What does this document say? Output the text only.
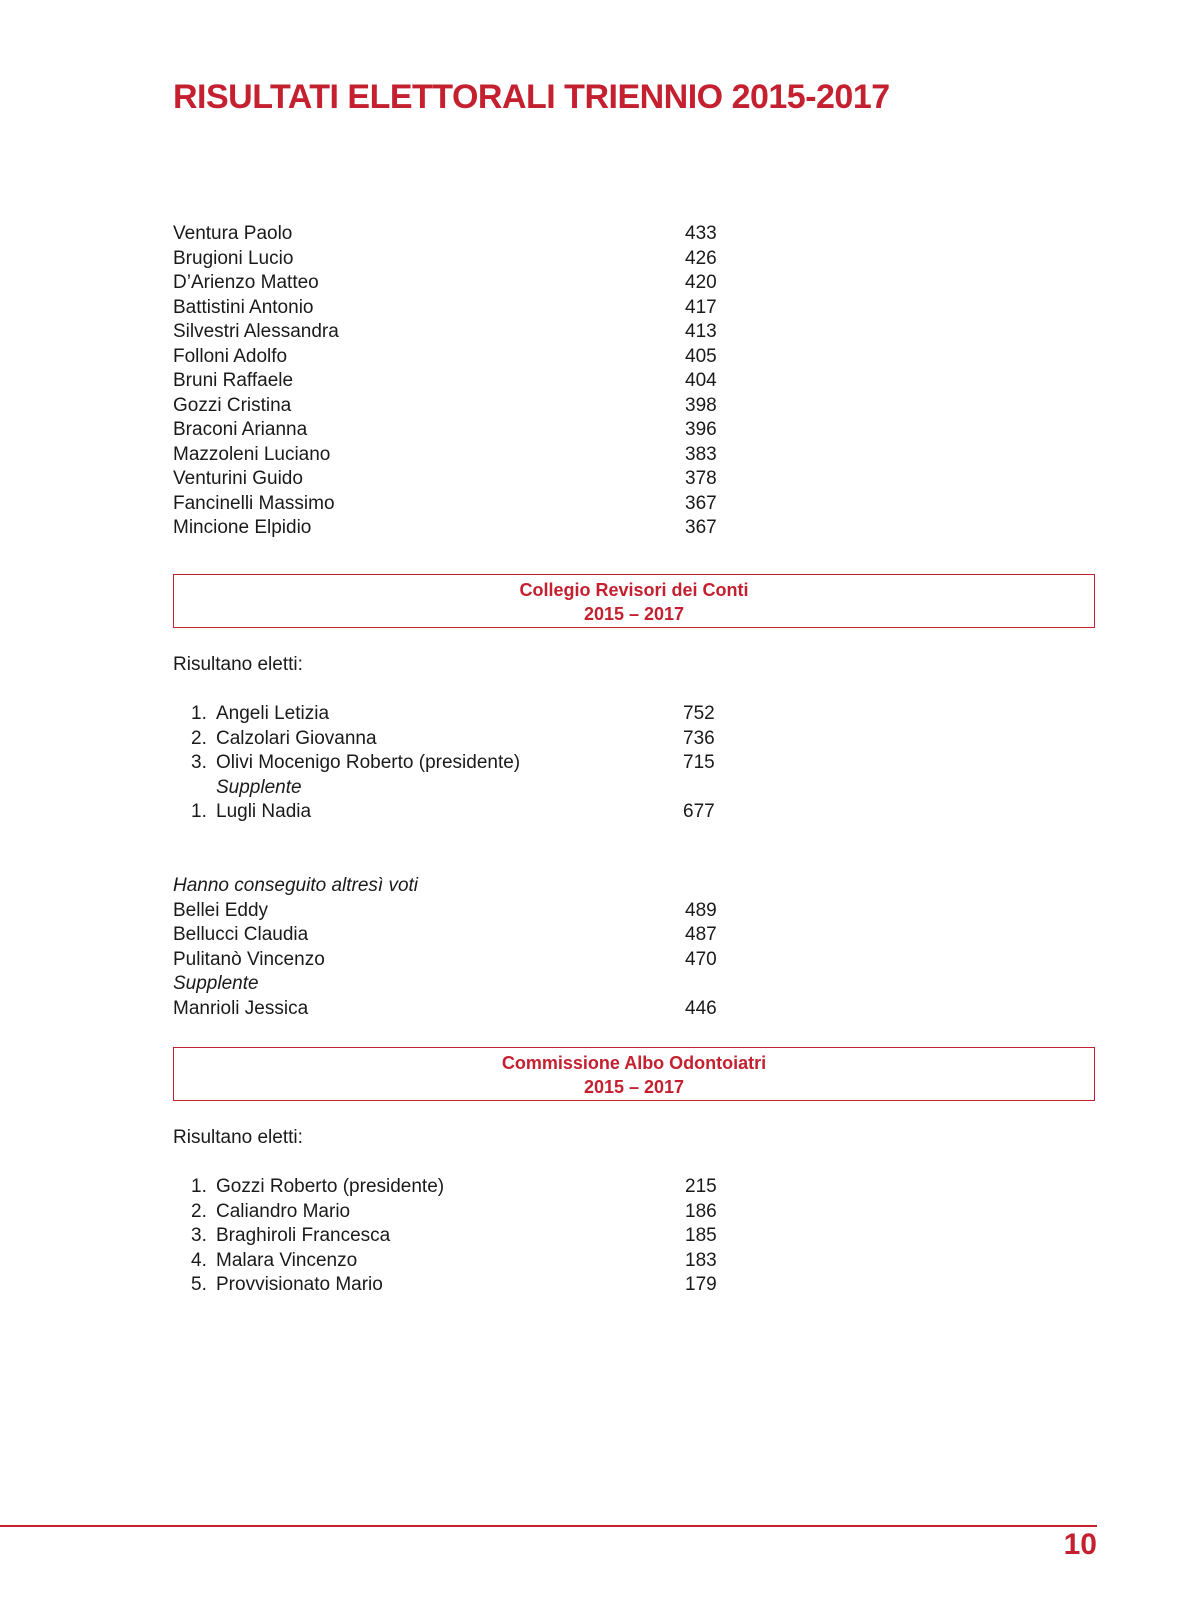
RISULTATI ELETTORALI TRIENNIO 2015-2017
Ventura Paolo	433
Brugioni Lucio	426
D’Arienzo Matteo	420
Battistini Antonio	417
Silvestri Alessandra	413
Folloni Adolfo	405
Bruni Raffaele	404
Gozzi Cristina	398
Braconi Arianna	396
Mazzoleni Luciano	383
Venturini Guido	378
Fancinelli Massimo	367
Mincione Elpidio	367
Collegio Revisori dei Conti
2015 – 2017
Risultano eletti:
1. Angeli Letizia	752
2. Calzolari Giovanna	736
3. Olivi Mocenigo Roberto (presidente)	715
Supplente
1. Lugli Nadia	677
Hanno conseguito altresì voti
Bellei Eddy	489
Bellucci Claudia	487
Pulitanò Vincenzo	470
Supplente
Manrioli Jessica	446
Commissione Albo Odontoiatri
2015 – 2017
Risultano eletti:
1. Gozzi Roberto (presidente)	215
2. Caliandro Mario	186
3. Braghiroli Francesca	185
4. Malara Vincenzo	183
5. Provvisionato Mario	179
10
